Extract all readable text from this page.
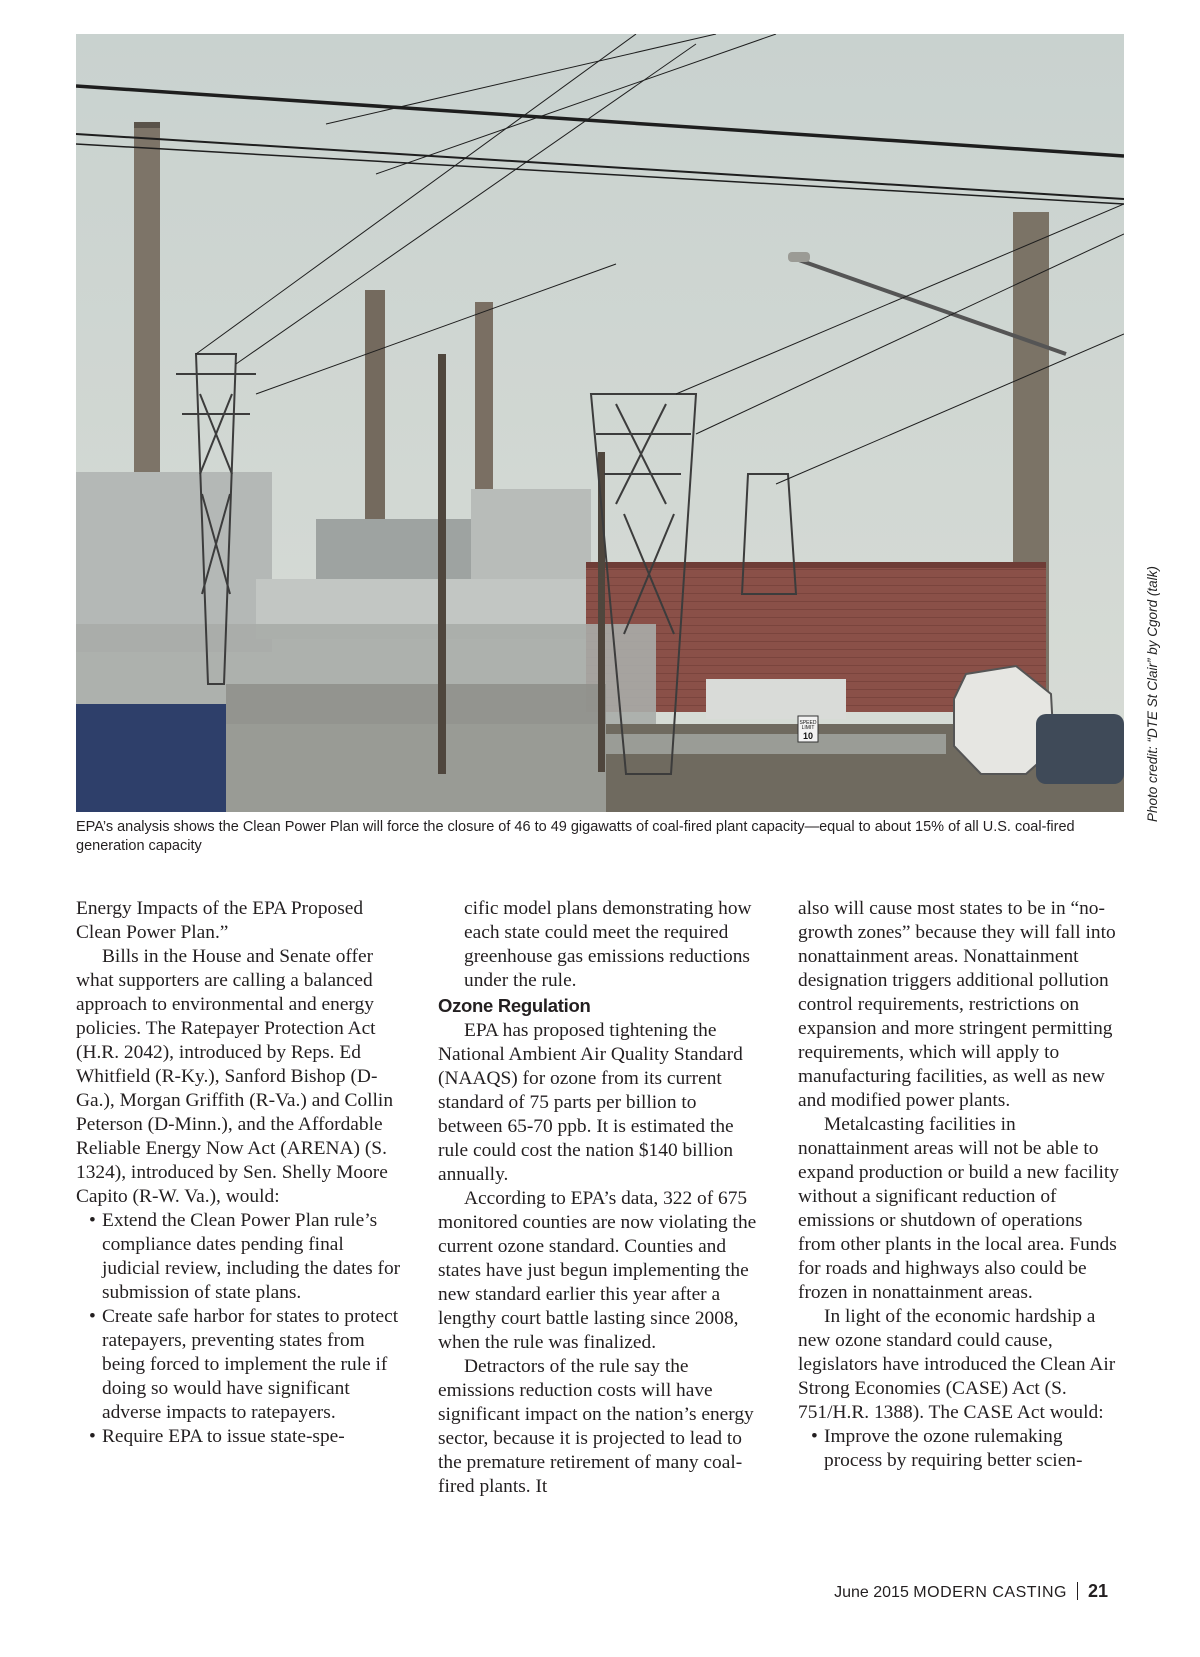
SPEED
LIMIT
10	Photo credit: “DTE St Clair” by Cgord (talk)
EPA’s analysis shows the Clean Power Plan will force the closure of 46 to 49 gigawatts of coal-fired plant capacity—equal to about 15% of all U.S. coal-fired generation capacity

Energy Impacts of the EPA Proposed Clean Power Plan.”

Bills in the House and Senate offer what supporters are calling a balanced approach to environmental and energy policies. The Ratepayer Protection Act (H.R. 2042), introduced by Reps. Ed Whitfield (R-Ky.), Sanford Bishop (D-Ga.), Morgan Griffith (R-Va.) and Collin Peterson (D-Minn.), and the Affordable Reliable Energy Now Act (ARENA) (S. 1324), introduced by Sen. Shelly Moore Capito (R-W. Va.), would:

• Extend the Clean Power Plan rule’s compliance dates pending final judicial review, including the dates for submission of state plans.

• Create safe harbor for states to protect ratepayers, preventing states from being forced to implement the rule if doing so would have significant adverse impacts to ratepayers.

• Require EPA to issue state-spe-

cific model plans demonstrating how each state could meet the required greenhouse gas emissions reductions under the rule.

Ozone Regulation

EPA has proposed tightening the National Ambient Air Quality Standard (NAAQS) for ozone from its current standard of 75 parts per billion to between 65-70 ppb. It is estimated the rule could cost the nation $140 billion annually.

According to EPA’s data, 322 of 675 monitored counties are now violating the current ozone standard. Counties and states have just begun implementing the new standard earlier this year after a lengthy court battle lasting since 2008, when the rule was finalized.

Detractors of the rule say the emissions reduction costs will have significant impact on the nation’s energy sector, because it is projected to lead to the premature retirement of many coal-fired plants. It

also will cause most states to be in “no-growth zones” because they will fall into nonattainment areas. Nonattainment designation triggers additional pollution control requirements, restrictions on expansion and more stringent permitting requirements, which will apply to manufacturing facilities, as well as new and modified power plants.

Metalcasting facilities in nonattainment areas will not be able to expand production or build a new facility without a significant reduction of emissions or shutdown of operations from other plants in the local area. Funds for roads and highways also could be frozen in nonattainment areas.

In light of the economic hardship a new ozone standard could cause, legislators have introduced the Clean Air Strong Economies (CASE) Act (S. 751/H.R. 1388). The CASE Act would:

• Improve the ozone rulemaking process by requiring better scien-

June 2015 MODERN CASTING 21
